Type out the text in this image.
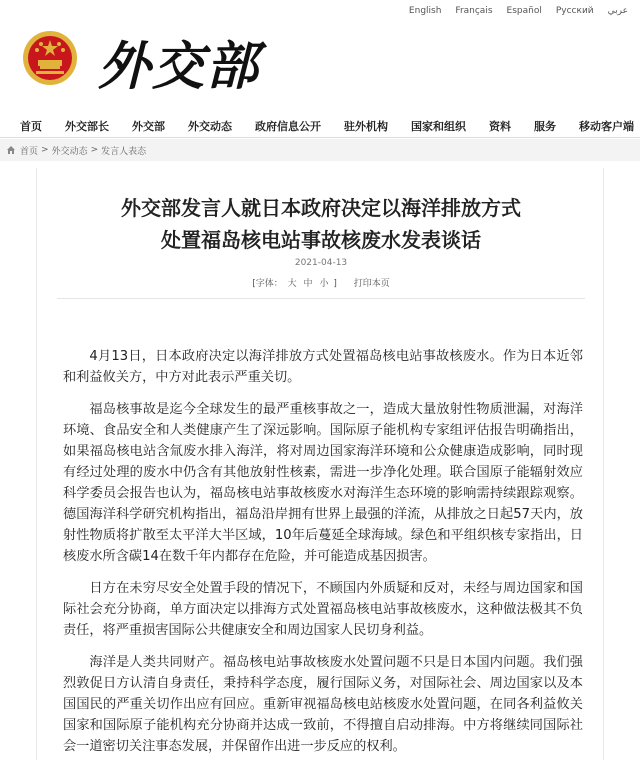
English Français Español Русский عربي
外交部
首页 外交部长 外交部 外交动态 政府信息公开 驻外机构 国家和组织 资料 服务 移动客户端
首页 > 外交动态 > 发言人表态
外交部发言人就日本政府决定以海洋排放方式
处置福岛核电站事故核废水发表谈话
2021-04-13
[字体： 大 中 小 ] 打印本页

4月13日，日本政府决定以海洋排放方式处置福岛核电站事故核废水。作为日本近邻和利益攸关方，中方对此表示严重关切。

福岛核事故是迄今全球发生的最严重核事故之一，造成大量放射性物质泄漏，对海洋环境、食品安全和人类健康产生了深远影响。国际原子能机构专家组评估报告明确指出，如果福岛核电站含氚废水排入海洋，将对周边国家海洋环境和公众健康造成影响，同时现有经过处理的废水中仍含有其他放射性核素，需进一步净化处理。联合国原子能辐射效应科学委员会报告也认为，福岛核电站事故核废水对海洋生态环境的影响需持续跟踪观察。德国海洋科学研究机构指出，福岛沿岸拥有世界上最强的洋流，从排放之日起57天内，放射性物质将扩散至太平洋大半区域，10年后蔓延全球海域。绿色和平组织核专家指出，日核废水所含碳14在数千年内都存在危险，并可能造成基因损害。

日方在未穷尽安全处置手段的情况下，不顾国内外质疑和反对，未经与周边国家和国际社会充分协商，单方面决定以排海方式处置福岛核电站事故核废水，这种做法极其不负责任，将严重损害国际公共健康安全和周边国家人民切身利益。

海洋是人类共同财产。福岛核电站事故核废水处置问题不只是日本国内问题。我们强烈敦促日方认清自身责任，秉持科学态度，履行国际义务，对国际社会、周边国家以及本国国民的严重关切作出应有回应。重新审视福岛核电站核废水处置问题，在同各利益攸关国家和国际原子能机构充分协商并达成一致前，不得擅自启动排海。中方将继续同国际社会一道密切关注事态发展，并保留作出进一步反应的权利。
